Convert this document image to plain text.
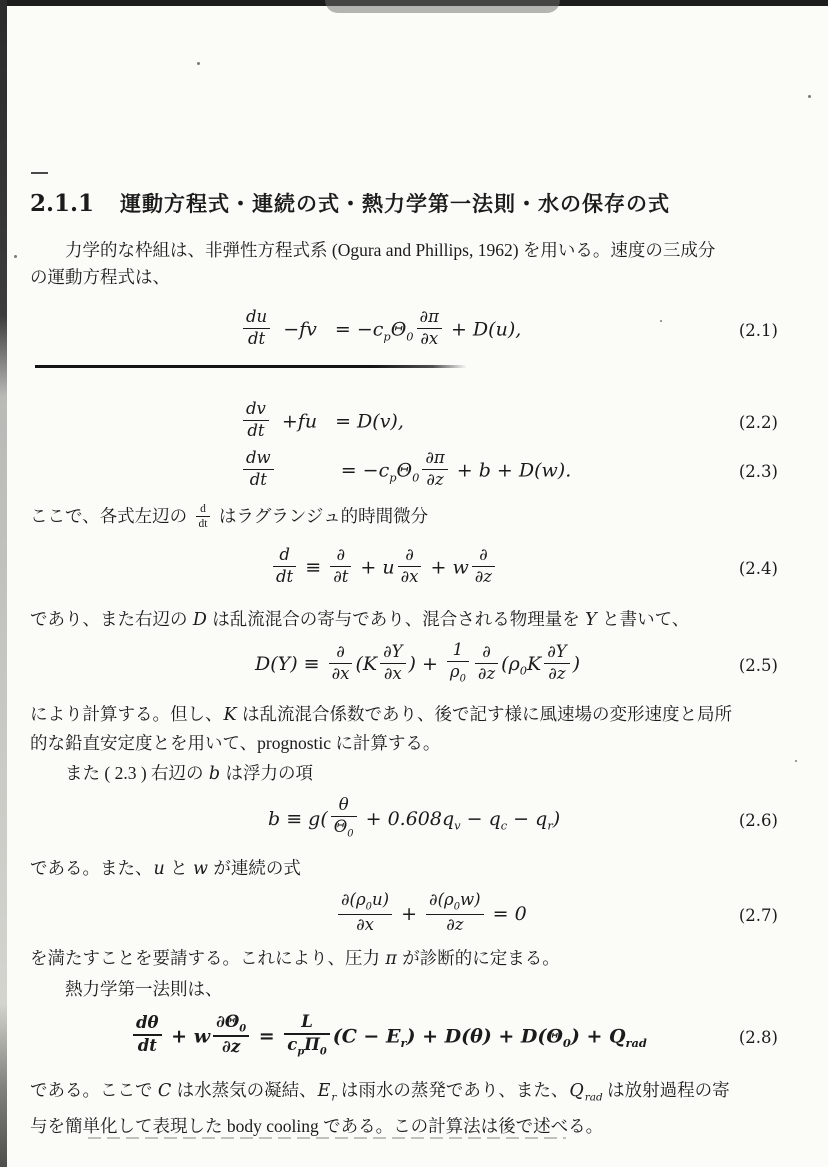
2.1.1 運動方程式・連続の式・熱力学第一法則・水の保存の式
力学的な枠組は、非弾性方程式系 (Ogura and Phillips, 1962) を用いる。速度の三成分
の運動方程式は、
$\frac{du}{dt} -fv = -c_p\Theta_0 \frac{\partial\pi}{\partial x} + D(u)$,	(2.1)
$\frac{dv}{dt} +fu = D(v)$,	(2.2)
$\frac{dw}{dt}$	= $-c_p\Theta_0 \frac{\partial\pi}{\partial z} + b + D(w)$.	(2.3)
ここで、各式左辺の $\frac{d}{dt}$ はラグランジュ的時間微分
$\frac{d}{dt} \equiv \frac{\partial}{\partial t} + u \frac{\partial}{\partial x} + w \frac{\partial}{\partial z}$	(2.4)
であり、また右辺の D は乱流混合の寄与であり、混合される物理量を Y と書いて、
$D(Y) \equiv \frac{\partial}{\partial x} (K \frac{\partial Y}{\partial x}$ ) + $\frac{1}{\rho_0} \frac{\partial}{\partial z} (\rho_0K \frac{\partial Y}{\partial z}$ )	(2.5)
により計算する。但し、K は乱流混合係数であり、後で記す様に風速場の変形速度と局所
的な鉛直安定度とを用いて、prognostic に計算する。
また ( 2.3 ) 右辺の b は浮力の項
$b \equiv g( \frac{\theta}{\Theta_0} + 0.608q_v - q_c - q_r)$	(2.6)
である。また、u と w が連続の式
$\frac{\partial(\rho_0u)}{\partial x} + \frac{\partial(\rho_0w)}{\partial z} = 0$	(2.7)
を満たすことを要請する。これにより、圧力 π が診断的に定まる。
熱力学第一法則は、
$\frac{d\theta}{dt} + w \frac{\partial\Theta_0}{\partial z} = \frac{L}{c_p\Pi_0} (C - E_r) + D(\theta) + D(\Theta_0) + Q_{rad}$	(2.8)
である。ここで C は水蒸気の凝結、$E_r$ は雨水の蒸発であり、また、$Q_{rad}$ は放射過程の寄
与を簡単化して表現した body cooling である。この計算法は後で述べる。
